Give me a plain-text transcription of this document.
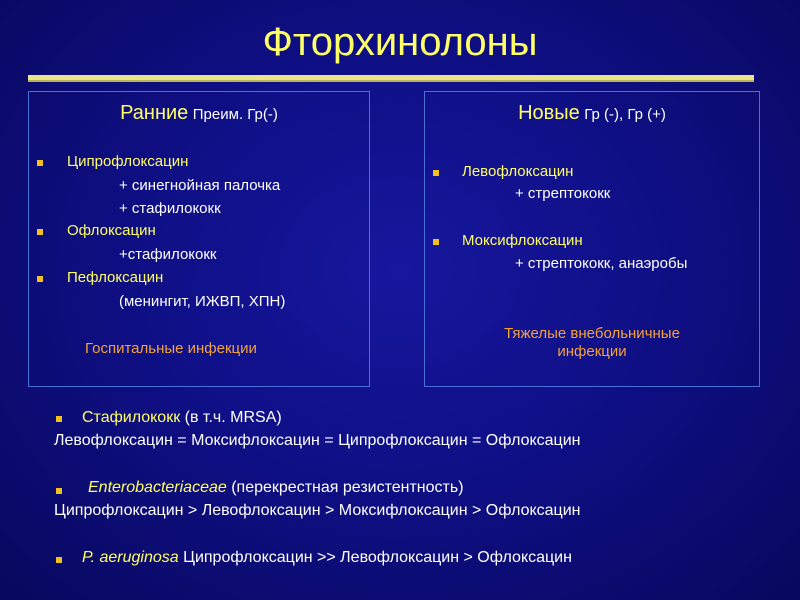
Фторхинолоны
Ранние Преим. Гр(-)
Ципрофлоксацин
+ синегнойная палочка
+ стафилококк
Офлоксацин
+стафилококк
Пефлоксацин
(менингит, ИЖВП, ХПН)
Госпитальные инфекции
Новые Гр (-), Гр (+)
Левофлоксацин
+ стрептококк
Моксифлоксацин
+ стрептококк, анаэробы
Тяжелые внебольничные
инфекции
Стафилококк (в т.ч. MRSA)
Левофлоксацин = Моксифлоксацин = Ципрофлоксацин = Офлоксацин
Enterobacteriaceae (перекрестная резистентность)
Ципрофлоксацин > Левофлоксацин > Моксифлоксацин > Офлоксацин
P. aeruginosa Ципрофлоксацин >> Левофлоксацин > Офлоксацин
